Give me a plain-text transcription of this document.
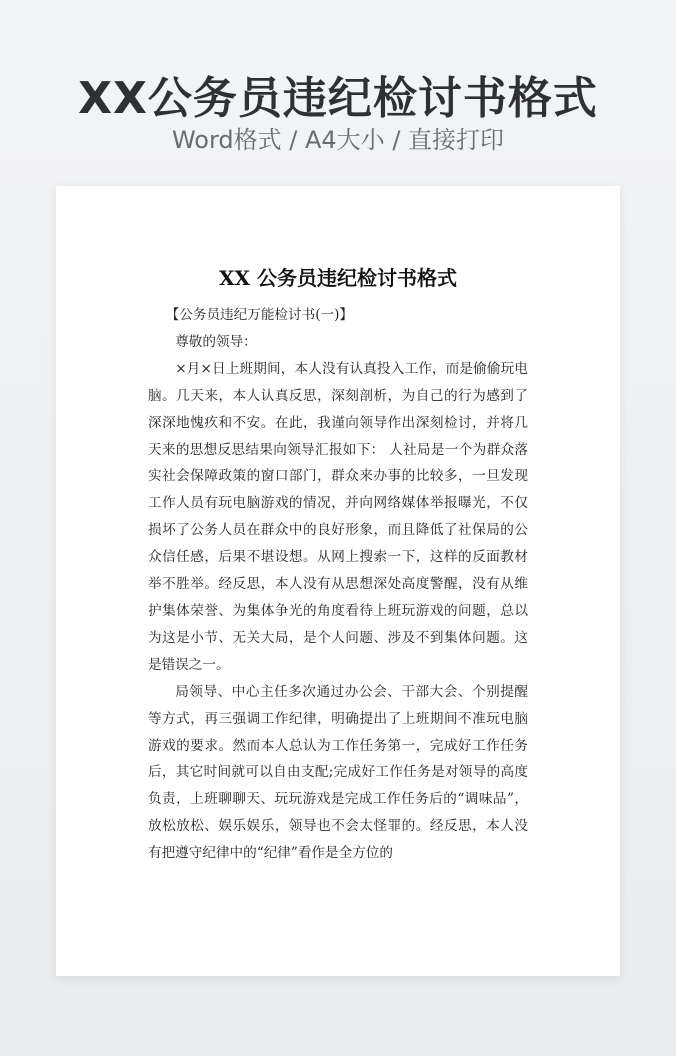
XX公务员违纪检讨书格式
Word格式 / A4大小 / 直接打印
XX 公务员违纪检讨书格式

【公务员违纪万能检讨书(一)】

尊敬的领导：

×月×日上班期间，本人没有认真投入工作，而是偷偷玩电脑。几天来，本人认真反思，深刻剖析，为自己的行为感到了深深地愧疚和不安。在此，我谨向领导作出深刻检讨，并将几天来的思想反思结果向领导汇报如下： 人社局是一个为群众落实社会保障政策的窗口部门，群众来办事的比较多，一旦发现工作人员有玩电脑游戏的情况，并向网络媒体举报曝光，不仅损坏了公务人员在群众中的良好形象，而且降低了社保局的公众信任感，后果不堪设想。从网上搜索一下，这样的反面教材举不胜举。经反思，本人没有从思想深处高度警醒，没有从维护集体荣誉、为集体争光的角度看待上班玩游戏的问题，总以为这是小节、无关大局，是个人问题、涉及不到集体问题。这是错误之一。

局领导、中心主任多次通过办公会、干部大会、个别提醒等方式，再三强调工作纪律，明确提出了上班期间不准玩电脑游戏的要求。然而本人总认为工作任务第一，完成好工作任务后，其它时间就可以自由支配;完成好工作任务是对领导的高度负责，上班聊聊天、玩玩游戏是完成工作任务后的“调味品”，放松放松、娱乐娱乐，领导也不会太怪罪的。经反思，本人没有把遵守纪律中的“纪律”看作是全方位的
